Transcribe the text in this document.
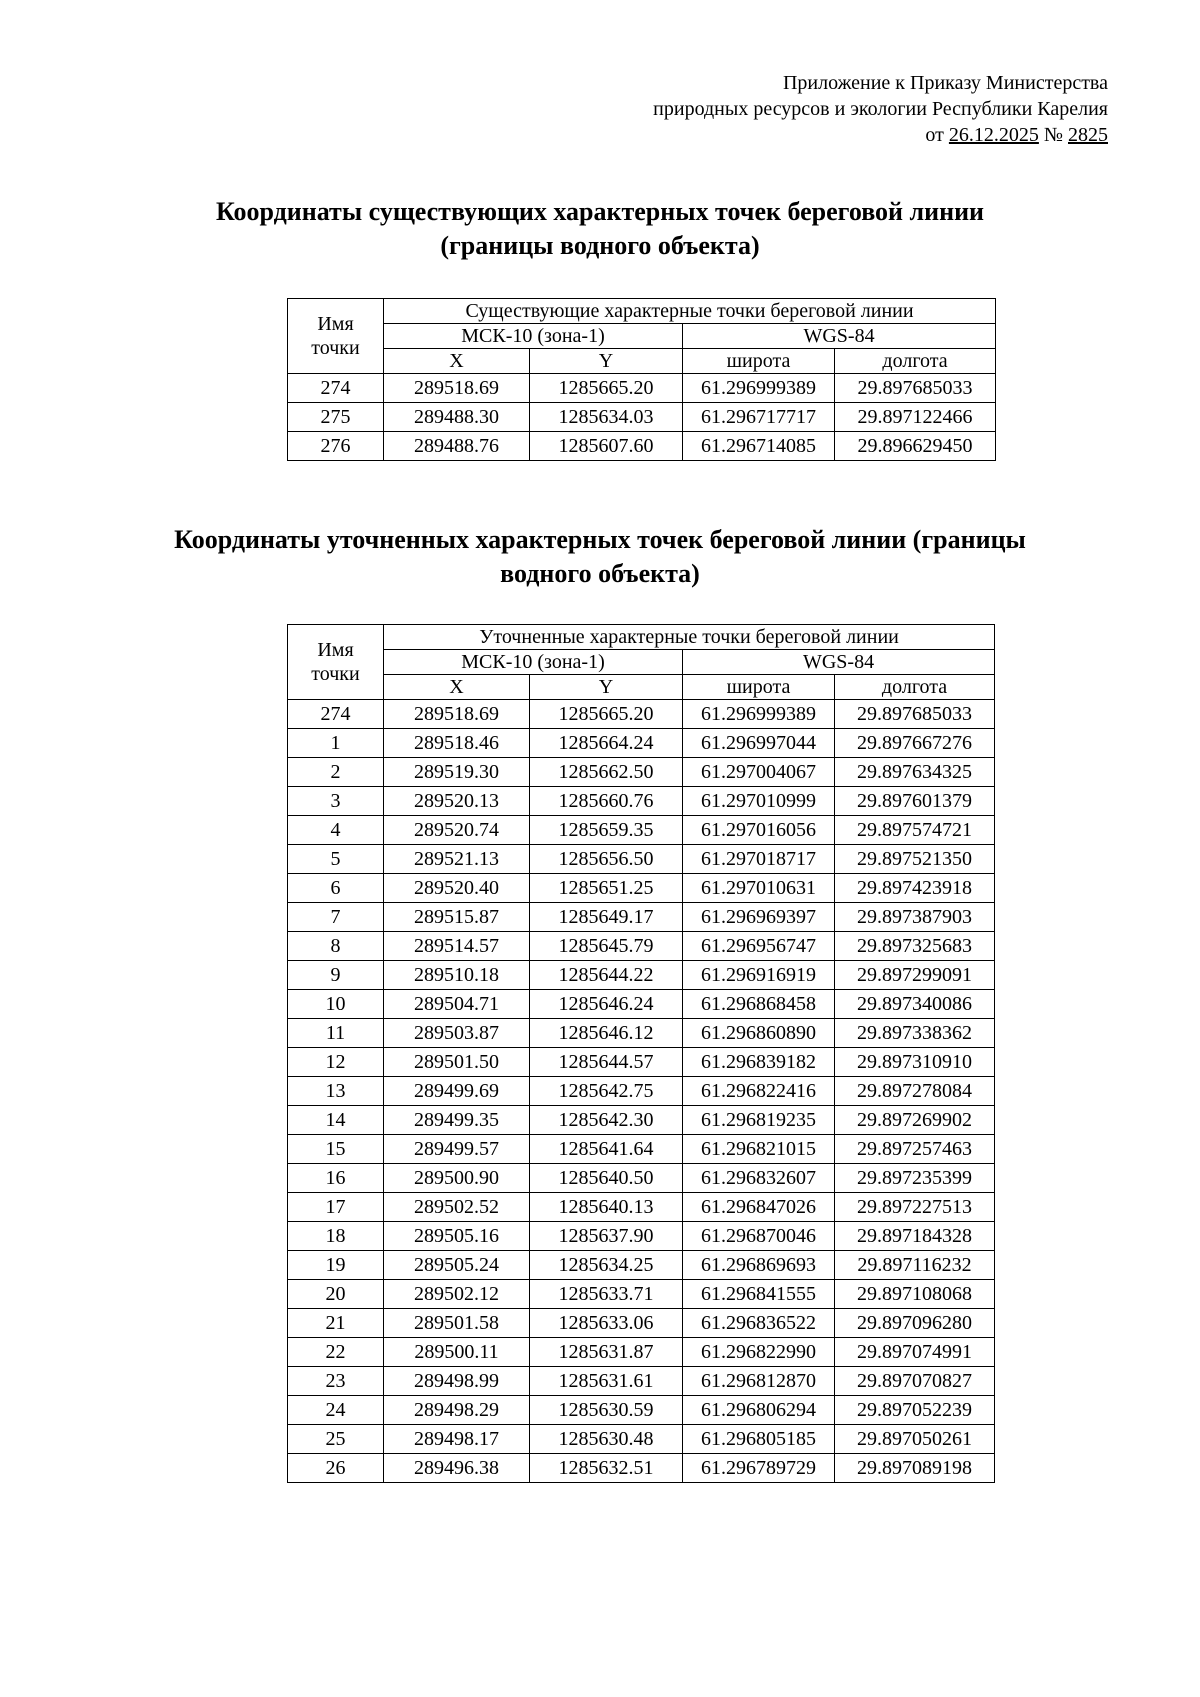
Приложение к Приказу Министерства
природных ресурсов и экологии Республики Карелия
от 26.12.2025 № 2825
Координаты существующих характерных точек береговой линии
(границы водного объекта)
Имя
точки	Существующие характерные точки береговой линии			
	МСК-10 (зона-1)		WGS-84	
	X	Y	широта	долгота
274	289518.69	1285665.20	61.296999389	29.897685033
275	289488.30	1285634.03	61.296717717	29.897122466
276	289488.76	1285607.60	61.296714085	29.896629450
Координаты уточненных характерных точек береговой линии (границы
водного объекта)
Имя
точки	Уточненные характерные точки береговой линии			
	МСК-10 (зона-1)		WGS-84	
	X	Y	широта	долгота
274	289518.69	1285665.20	61.296999389	29.897685033
1	289518.46	1285664.24	61.296997044	29.897667276
2	289519.30	1285662.50	61.297004067	29.897634325
3	289520.13	1285660.76	61.297010999	29.897601379
4	289520.74	1285659.35	61.297016056	29.897574721
5	289521.13	1285656.50	61.297018717	29.897521350
6	289520.40	1285651.25	61.297010631	29.897423918
7	289515.87	1285649.17	61.296969397	29.897387903
8	289514.57	1285645.79	61.296956747	29.897325683
9	289510.18	1285644.22	61.296916919	29.897299091
10	289504.71	1285646.24	61.296868458	29.897340086
11	289503.87	1285646.12	61.296860890	29.897338362
12	289501.50	1285644.57	61.296839182	29.897310910
13	289499.69	1285642.75	61.296822416	29.897278084
14	289499.35	1285642.30	61.296819235	29.897269902
15	289499.57	1285641.64	61.296821015	29.897257463
16	289500.90	1285640.50	61.296832607	29.897235399
17	289502.52	1285640.13	61.296847026	29.897227513
18	289505.16	1285637.90	61.296870046	29.897184328
19	289505.24	1285634.25	61.296869693	29.897116232
20	289502.12	1285633.71	61.296841555	29.897108068
21	289501.58	1285633.06	61.296836522	29.897096280
22	289500.11	1285631.87	61.296822990	29.897074991
23	289498.99	1285631.61	61.296812870	29.897070827
24	289498.29	1285630.59	61.296806294	29.897052239
25	289498.17	1285630.48	61.296805185	29.897050261
26	289496.38	1285632.51	61.296789729	29.897089198
